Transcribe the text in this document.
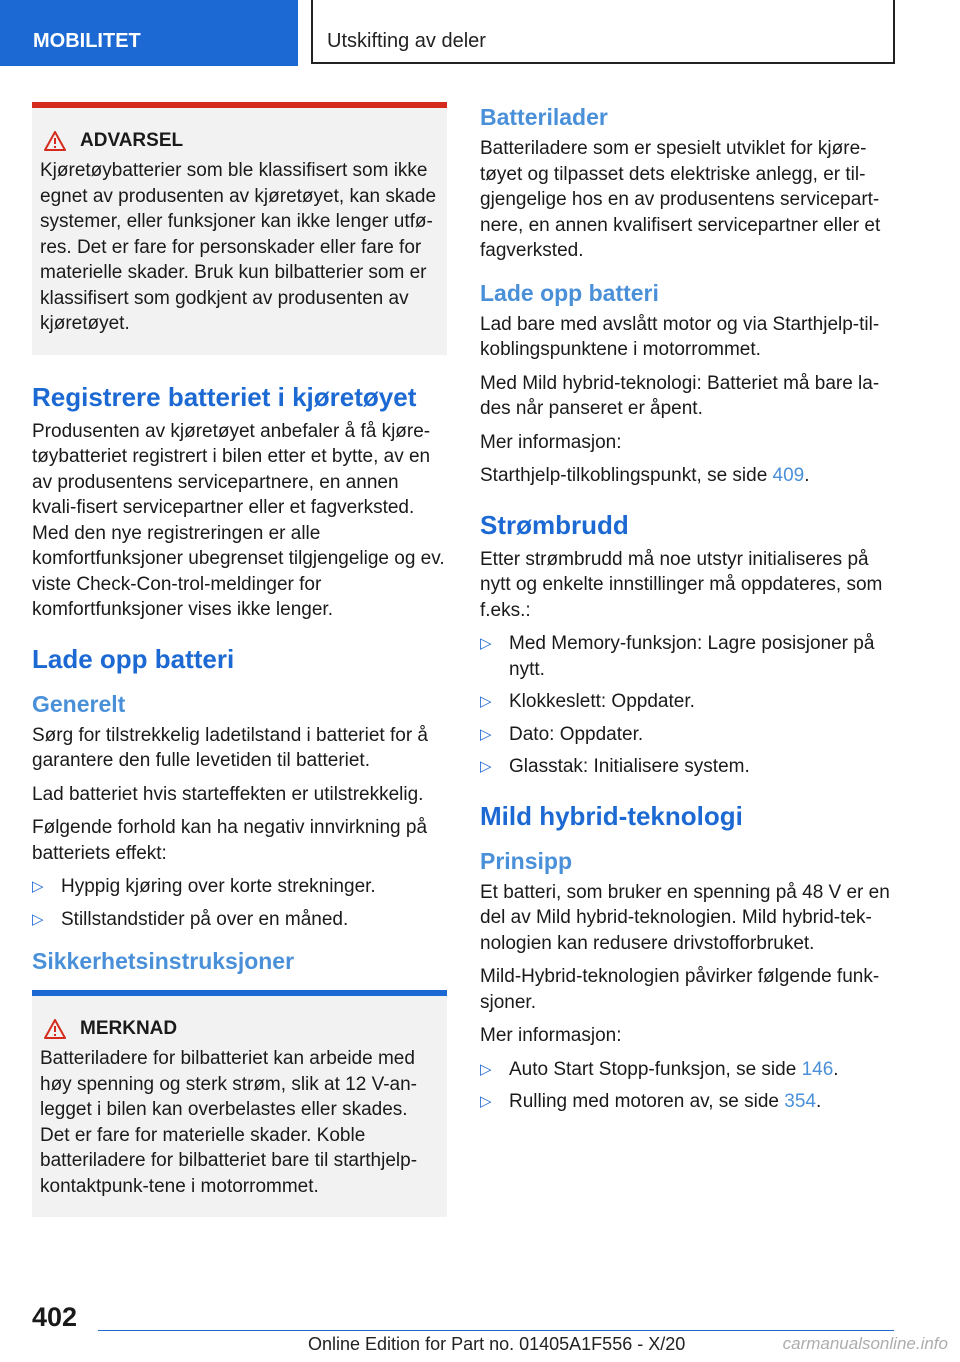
MOBILITET	Utskifting av deler
ADVARSEL

Kjøretøybatterier som ble klassifisert som ikke egnet av produsenten av kjøretøyet, kan skade systemer, eller funksjoner kan ikke lenger utfø-res. Det er fare for personskader eller fare for materielle skader. Bruk kun bilbatterier som er klassifisert som godkjent av produsenten av kjøretøyet.

Registrere batteriet i kjøretøyet

Produsenten av kjøretøyet anbefaler å få kjøre-tøybatteriet registrert i bilen etter et bytte, av en av produsentens servicepartnere, en annen kvali-fisert servicepartner eller et fagverksted. Med den nye registreringen er alle komfortfunksjoner ubegrenset tilgjengelige og ev. viste Check-Con-trol-meldinger for komfortfunksjoner vises ikke lenger.

Lade opp batteri
Generelt

Sørg for tilstrekkelig ladetilstand i batteriet for å garantere den fulle levetiden til batteriet.

Lad batteriet hvis starteffekten er utilstrekkelig.

Følgende forhold kan ha negativ innvirkning på batteriets effekt:

▷ Hyppig kjøring over korte strekninger.
▷ Stillstandstider på over en måned.
Sikkerhetsinstruksjoner
MERKNAD

Batteriladere for bilbatteriet kan arbeide med høy spenning og sterk strøm, slik at 12 V-an-legget i bilen kan overbelastes eller skades. Det er fare for materielle skader. Koble batteriladere for bilbatteriet bare til starthjelp-kontaktpunk-tene i motorrommet.

Batterilader

Batteriladere som er spesielt utviklet for kjøre-tøyet og tilpasset dets elektriske anlegg, er til-gjengelige hos en av produsentens servicepart-nere, en annen kvalifisert servicepartner eller et fagverksted.

Lade opp batteri

Lad bare med avslått motor og via Starthjelp-til-koblingspunktene i motorrommet.

Med Mild hybrid-teknologi: Batteriet må bare la-des når panseret er åpent.

Mer informasjon:

Starthjelp-tilkoblingspunkt, se side 409.

Strømbrudd

Etter strømbrudd må noe utstyr initialiseres på nytt og enkelte innstillinger må oppdateres, som f.eks.:

▷ Med Memory-funksjon: Lagre posisjoner på nytt.
▷ Klokkeslett: Oppdater.
▷ Dato: Oppdater.
▷ Glasstak: Initialisere system.
Mild hybrid-teknologi
Prinsipp

Et batteri, som bruker en spenning på 48 V er en del av Mild hybrid-teknologien. Mild hybrid-tek-nologien kan redusere drivstofforbruket.

Mild-Hybrid-teknologien påvirker følgende funk-sjoner.

Mer informasjon:

▷ Auto Start Stopp-funksjon, se side 146.
▷ Rulling med motoren av, se side 354.
402
Online Edition for Part no. 01405A1F556 - X/20	carmanualsonline.info
